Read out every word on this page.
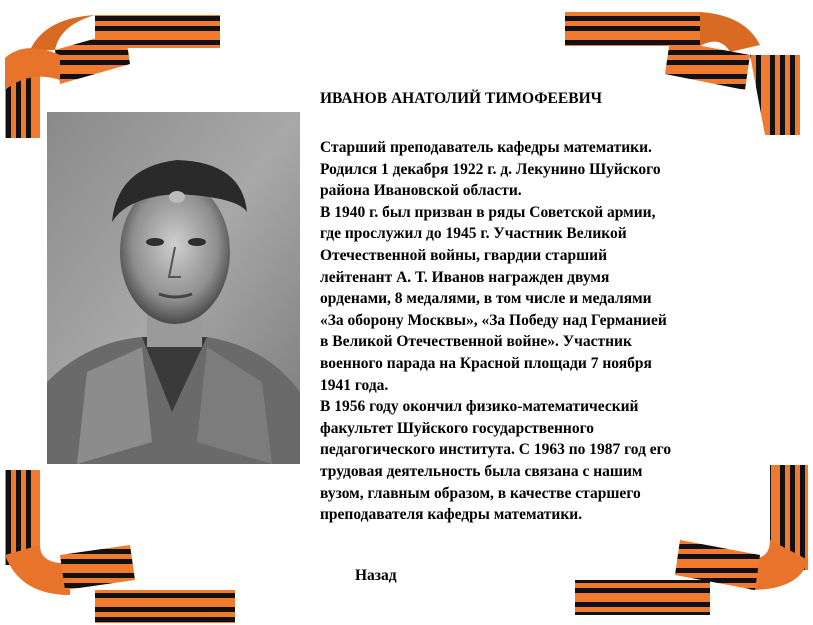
ИВАНОВ АНАТОЛИЙ ТИМОФЕЕВИЧ
Старший преподаватель кафедры математики.
Родился 1 декабря 1922 г. д. Лекунино Шуйского
района Ивановской области.
В 1940 г. был призван в ряды Советской армии,
где прослужил до 1945 г. Участник Великой
Отечественной войны, гвардии старший
лейтенант А. Т. Иванов награжден двумя
орденами, 8 медалями, в том числе и медалями
«За оборону Москвы», «За Победу над Германией
в Великой Отечественной войне». Участник
военного парада на Красной площади 7 ноября
1941 года.
В 1956 году окончил физико-математический
факультет Шуйского государственного
педагогического института. С 1963 по 1987 год его
трудовая деятельность была связана с нашим
вузом, главным образом, в качестве старшего
преподавателя кафедры математики.
Назад
